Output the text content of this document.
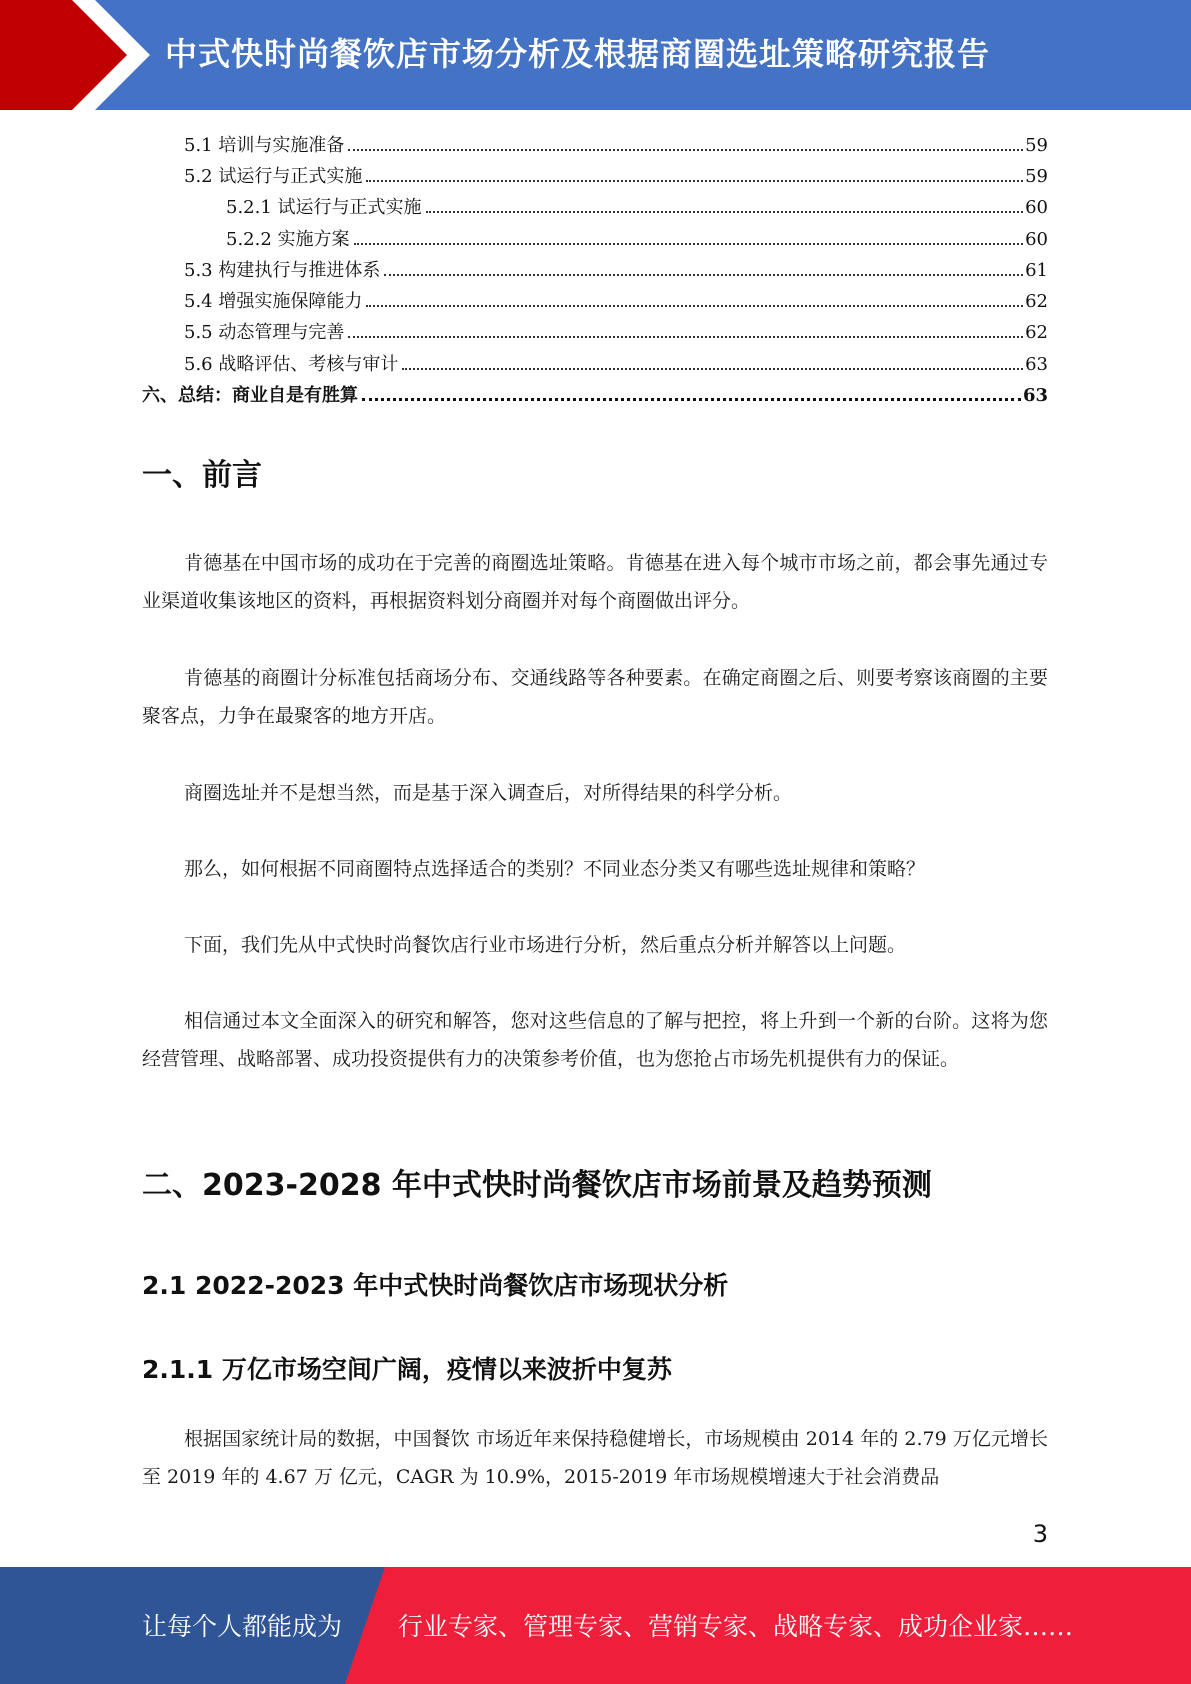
中式快时尚餐饮店市场分析及根据商圈选址策略研究报告
5.1 培训与实施准备	59
5.2 试运行与正式实施	59
5.2.1 试运行与正式实施	60
5.2.2 实施方案	60
5.3 构建执行与推进体系	61
5.4 增强实施保障能力	62
5.5 动态管理与完善	62
5.6 战略评估、考核与审计	63
六、总结：商业自是有胜算	63
一、前言
肯德基在中国市场的成功在于完善的商圈选址策略。肯德基在进入每个城市市场之前，都会事先通过专业渠道收集该地区的资料，再根据资料划分商圈并对每个商圈做出评分。
肯德基的商圈计分标准包括商场分布、交通线路等各种要素。在确定商圈之后、则要考察该商圈的主要聚客点，力争在最聚客的地方开店。
商圈选址并不是想当然，而是基于深入调查后，对所得结果的科学分析。
那么，如何根据不同商圈特点选择适合的类别？不同业态分类又有哪些选址规律和策略？
下面，我们先从中式快时尚餐饮店行业市场进行分析，然后重点分析并解答以上问题。
相信通过本文全面深入的研究和解答，您对这些信息的了解与把控，将上升到一个新的台阶。这将为您经营管理、战略部署、成功投资提供有力的决策参考价值，也为您抢占市场先机提供有力的保证。
二、2023-2028 年中式快时尚餐饮店市场前景及趋势预测
2.1 2022-2023 年中式快时尚餐饮店市场现状分析
2.1.1 万亿市场空间广阔，疫情以来波折中复苏
根据国家统计局的数据，中国餐饮 市场近年来保持稳健增长，市场规模由 2014 年的 2.79 万亿元增长至 2019 年的 4.67 万 亿元，CAGR 为 10.9%，2015-2019 年市场规模增速大于社会消费品
3
让每个人都能成为 行业专家、管理专家、营销专家、战略专家、成功企业家……
